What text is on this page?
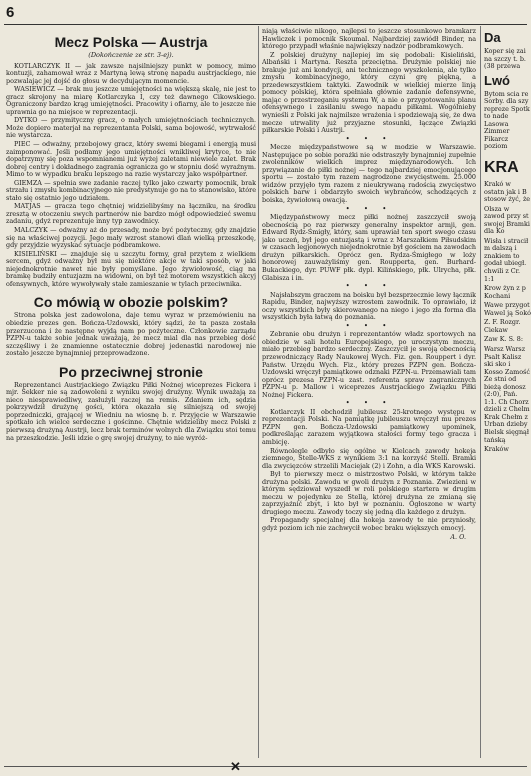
6
Mecz Polska — Austrja
(Dokończenie ze str. 3-ej).

KOTLARCZYK II — jak zawsze najsilniejszy punkt w pomocy, mimo kontuzji, zahamował wraz z Martyną lewą stronę napadu austrjackiego, nie pozwalając jej dojść do głosu w decydującym momencie.

WASIEWICZ — brak mu jeszcze umiejętności na większą skalę, nie jest to gracz skrojony na miarę Kotlarczyka I, czy też dawnego Cikowskiego. Ograniczony bardzo krąg umiejętności. Pracowity i ofiarny, ale to jeszcze nie uprawnia go na miejsce w reprezentacji.

DYTKO — przymityczny gracz, o małych umiejętnościach technicznych. Może dopiero materjał na reprezentanta Polski, sama bojowość, wytrwałość nie wystarcza.

PIEC — odważny, przebojowy gracz, który swemi biegami i energją musi zaimponować. Jeśli podłamy jego umiejętności wnikliwej krytyce, to nie dopatrzymy się poza wspomnianemi już wyżej zaletami niewiele zalet. Brak dobrej centry i dokładnego zagrania ogranicza go w stopniu dość wyraźnym. Mimo to w wypadku braku lepszego na razie wystarczy jako współpartner.

GIEMZA — spełnia swe zadanie raczej tylko jako czwarty pomocnik, brak strzału i zmysłu kombinacyjnego nie predystynuje go na to stanowisko, które stało się ostatnio jego udziałem.

MATJAS — gracza tego chętniej widzielibyśmy na łączniku, na środku zresztą w otoczeniu swych partnerów nie bardzo mógł odpowiedzieć swemu zadaniu, gdyż reprezentuje inny typ zawodnicy.

MALCZYK — odważny aż do przesady, może być pożyteczny, gdy znajdzie się na właściwej pozycji. Jego mały wzrost stanowi dlań wielką przeszkodę, gdy przyjdzie wyzyskać sytuacje podbramkowe.

KISIELIŃSKI — znajduje się u szczytu formy, grał przytem z wielkiem sercem, gdyż odważny był mu się niektóre akcje w taki sposób, w jaki niejednokrotnie nawet nie były pomyślane. Jego żywiołowość, ciąg na bramkę budziły entuzjazm na widowni, on był też motorem wszystkich akcyj ofensywnych, które wywoływały stałe zamieszanie w tylach przeciwnika.

Co mówią w obozie polskim?

Strona polska jest zadowolona, daje temu wyraz w przemówieniu na obiedzie prezes gen. Bończa-Uzdowski, który sądzi, że ta pasza została przerzucona i że następne wyjdą nam po pożyteczne. Członkowie zarządu PZPN-u także sobie jednak uważają, że mecz mial dla nas przebieg dość szczęśliwy i że znamienne ostatecznie dobrej jedenastki narodowej nie zostało jeszcze bynajmniej przeprowadzone.

Po przeciwnej stronie

Reprezentanci Austrjackiego Związku Piłki Nożnej wiceprezes Fickera i mjr. Sekker nie są zadowoleni z wyniku swojej drużyny. Wynik uważają za nieco niesprawiedliwy, zasłużyli raczej na remis. Zdaniem ich, sędzia pokrzywdził drużynę gości, która okazała się silniejszą od swojej poprzedniczki, grającej w Wiedniu na wiosnę b. r. Przyjęcie w Warszawie spotkało ich wielce serdeczne i gościnne. Chętnie widzieliby mecz Polski z pierwszą drużyną Austrji, lecz brak terminów wolnych dla Związku stoi temu na przeszkodzie. Jeśli idzie o grę swojej drużyny, to nie wyróż-

niają właściwie nikogo, najlepsi to jeszcze stosunkowo bramkarz Hawliczek i pomocnik Skoumal. Najbardziej zawiódł Binder, na którego przypadł właśnie największy nadzór podbramkowych.

Z polskiej drużyny najlepiej im się podobali: Kisieliński, Albański i Martyna. Reszta przeciętna. Drużynie polskiej nie brakuje już ani kondycji, ani technicznego wyszkolenia, ale tylko zmysłu kombinacyjnego, który czyni grę piękną, a przedewszystkiem taktyki. Zawodnik w wielkiej mierze linją pomocy polskiej, która spełniała głównie zadanie defensywne, mając o przestrzeganiu systemu W, a nie o przygotowaniu planu ofensywnego i zasilaniu swego napadu piłkami. Wogólnieby wynieśli z Polski jak najmilsze wrażenia i spodziewają się, że dwa mecze utrwality już przyjazne stosunki, łączące Związki piłkarskie Polski i Austrji.

• • •

Mecze międzypaństwowe są w modzie w Warszawie. Następujące po sobie porażki nie odstraszyły bynajmniej zupełnie zwolenników wielkich imprez międzynarodowych. Ich przywiązanie do piłki nożnej — tego najbardziej emocjonującego sportu — zostało tym razem nagrodzone zwycięstwem. 25.000 widzów przyjęło tym razem z nieukrywaną radością zwycięstwo polskich barw i obdarzyło swoich wybrańców, schodzących z boiska, żywiołową owacją.

• • •

Międzypaństwowy mecz piłki nożnej zaszczycił swoją obecnością po raz pierwszy generalny inspektor armji, gen. Edward Rydz-Śmigły, który, sam uprawiał ten sport swego czasu jako uczeń, był jego entuzjastą i wraz z Marszałkiem Piłsudskim w czasach legjonowych niejednokrotnie był gościem na zawodach drużyn piłkarskich. Oprócz gen. Rydza-Śmigłego w loży honorowej zauważyliśmy gen. Roupperta, gen. Burhard-Bukackiego, dyr. PUWF płk. dypl. Kilińskiego, płk. Ulrycha, płk. Glabisza i in.

• • •

Najsłabszym graczem na boisku był bezsprzecznie lewy łącznik Rapidu, Binder, najwyższy wzrostem zawodnik. To oprawiało, iż oczy wszystkich były skierowanego na niego i jego zła forma dla wszystkich była łatwą do poznania.

• • •

Zebranie obu drużyn i reprezentantów władz sportowych na obiedzie w sali hotelu Europejskiego, po uroczystym meczu, miało przebieg bardzo serdeczny. Zaszczycił je swoją obecnością przewodniczący Rady Naukowej Wych. Fiz. gen. Rouppert i dyr. Państw. Urzędu Wych. Fiz., który prezes PZPN gen. Bończa-Uzdowski wręczył pamiątkowe odznaki PZPN-u. Przemawiali tam oprócz prezesa PZPN-u zast. referenta spraw zagranicznych PZPN-u p. Mallow i wiceprezes Austrjackiego Związku Piłki Nożnej Fickera.

• • •

Kotlarczyk II obchodził jubileusz 25-krotnego występu w reprezentacji Polski. Na pamiątkę jubileuszu wręczył mu prezes PZPN gen. Bończa-Uzdowski pamiątkowy upominek, podkreślając zarazem wyjątkowa stałości formy tego gracza i ambicję.

Równolegle odbyło się ogólne w Kielcach zawody hokeja ziemnego, Stelle-WKS z wynikiem 3:1 na korzyść Stelli. Bramki dla zwycięzców strzelili Maciejak (2) i Zohn, a dla WKS Karowski.

Był to pierwszy mecz o mistrzostwo Polski, w którym także drużyna polski. Zawodu w gwoli drużyn z Poznania. Zwiezieni w którym sędziował wyszedł w roli polskiego startera w drugim meczu w pojedynku ze Stellą, której drużyna ze zmianą się zaprzyjaźnić zbyt, i kto był w poznaniu. Ogłoszone w warty drugiego meczu. Zawody toczy się jedną dla każdego z drużyn.

Propagandy specjalnej dla hokeja zawody te nie przyniosły, gdyż poziom ich nie zachwycił wobec braku większych emocyj.

A. O.
Da

Koper się zai na szczy t. b. (38 przewa

Lwó

Bytom scia re Sorby. dla szy repreze Spotk to nade Lasowa Zimmer Fikarcz poziom

KRA

Krakó w ostatn jak i B stosow żyć, że

Olsza w zawod przy st swojej Bramki dla Ko

Wisła i stracił m dalszą i znakiem to godał ubiegł. chwili z Cr. 1:1

Krow żyn z p Kochani

Wawe przygot Wawel ją Sokó

Z. F. Rozgr. Ciekaw

Zaw K. S. 8:

Warsz Warsz Psalt Kalisz ski sko i Kosso Zamość Ze stni od bieżą donosz (2:0), Pań. 1:1. Ch Chorz dzieli z Chelm Krak Chełm z Urban dzieby Bielsk sięgnął tańską

Kraków

✕
